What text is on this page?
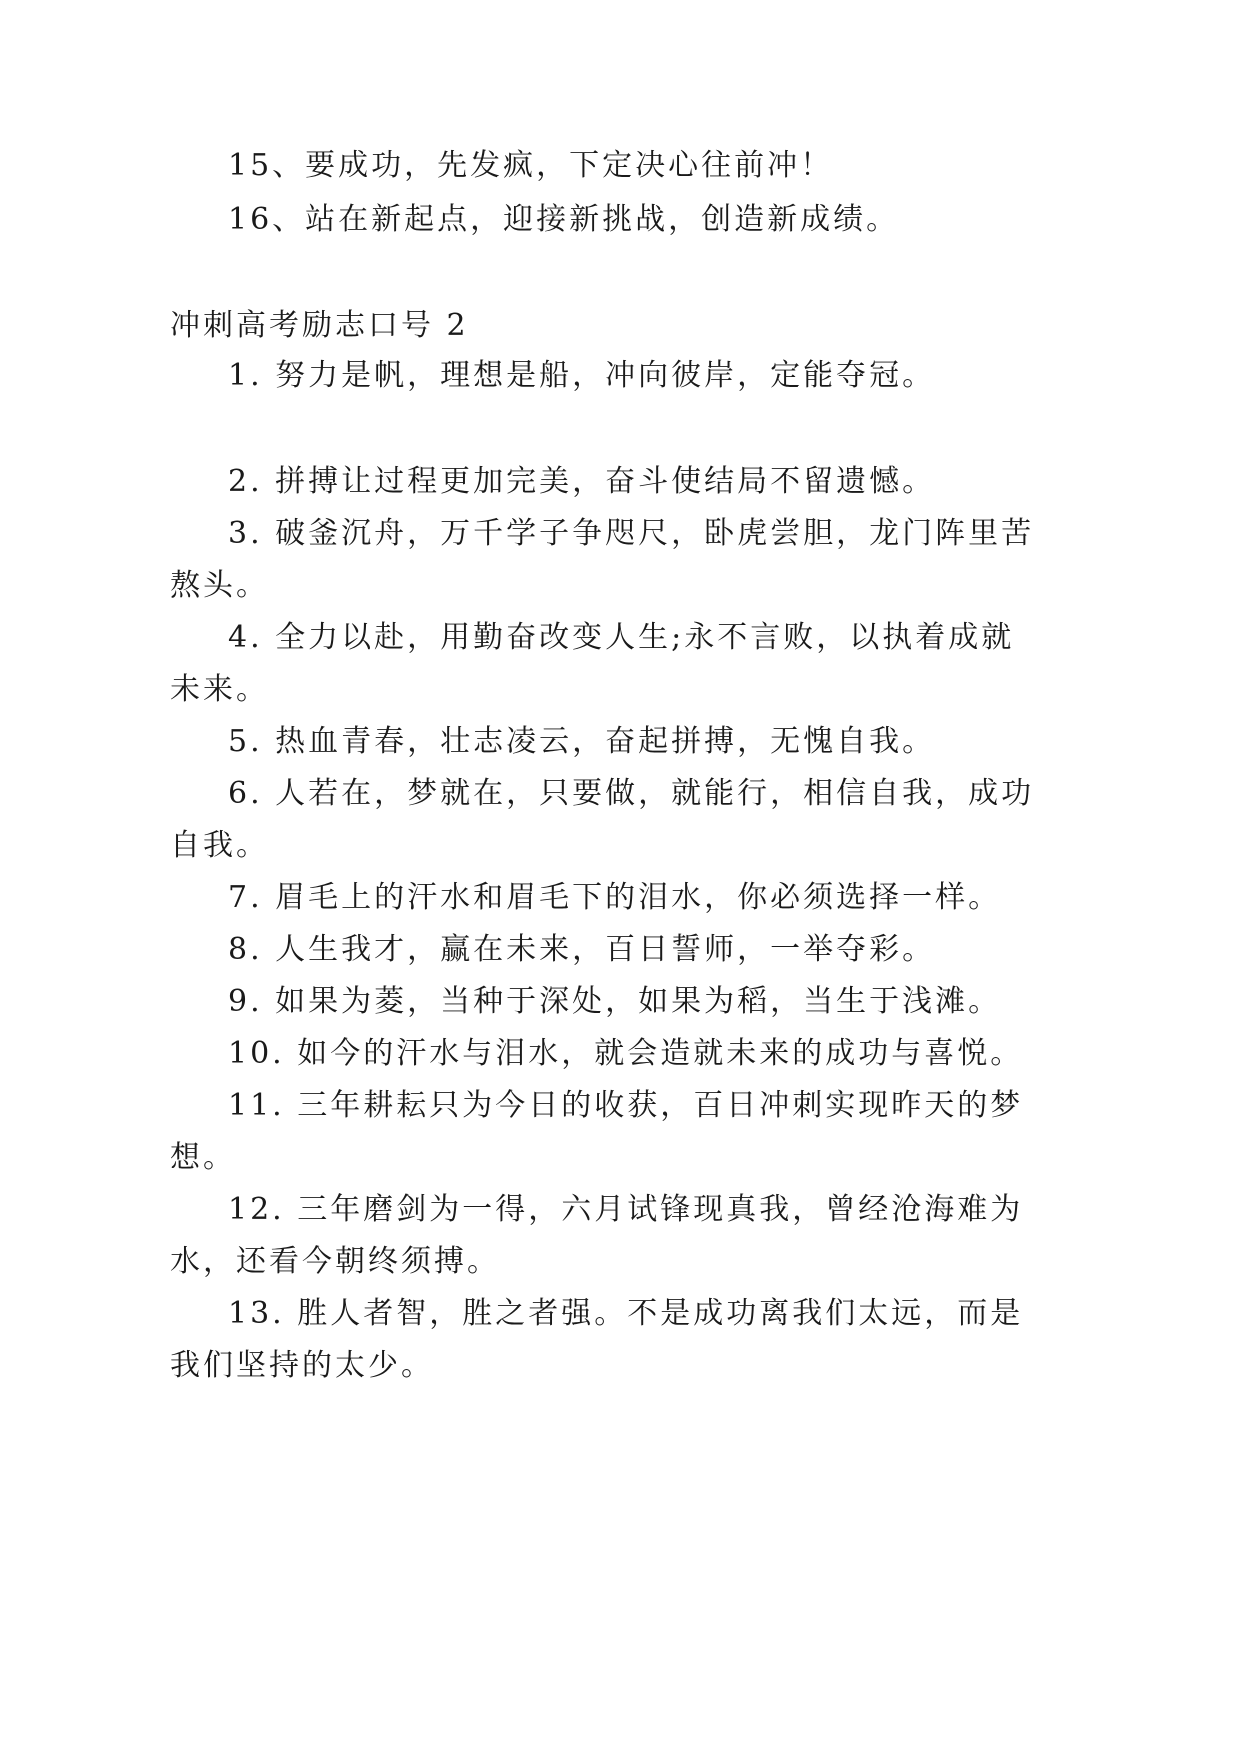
15、要成功，先发疯，下定决心往前冲！
16、站在新起点，迎接新挑战，创造新成绩。
冲刺高考励志口号 2
1. 努力是帆，理想是船，冲向彼岸，定能夺冠。
2. 拼搏让过程更加完美，奋斗使结局不留遗憾。
3. 破釜沉舟，万千学子争咫尺，卧虎尝胆，龙门阵里苦
熬头。
4. 全力以赴，用勤奋改变人生;永不言败，以执着成就
未来。
5. 热血青春，壮志凌云，奋起拼搏，无愧自我。
6. 人若在，梦就在，只要做，就能行，相信自我，成功
自我。
7. 眉毛上的汗水和眉毛下的泪水，你必须选择一样。
8. 人生我才，赢在未来，百日誓师，一举夺彩。
9. 如果为菱，当种于深处，如果为稻，当生于浅滩。
10. 如今的汗水与泪水，就会造就未来的成功与喜悦。
11. 三年耕耘只为今日的收获，百日冲刺实现昨天的梦
想。
12. 三年磨剑为一得，六月试锋现真我，曾经沧海难为
水，还看今朝终须搏。
13. 胜人者智，胜之者强。不是成功离我们太远，而是
我们坚持的太少。
